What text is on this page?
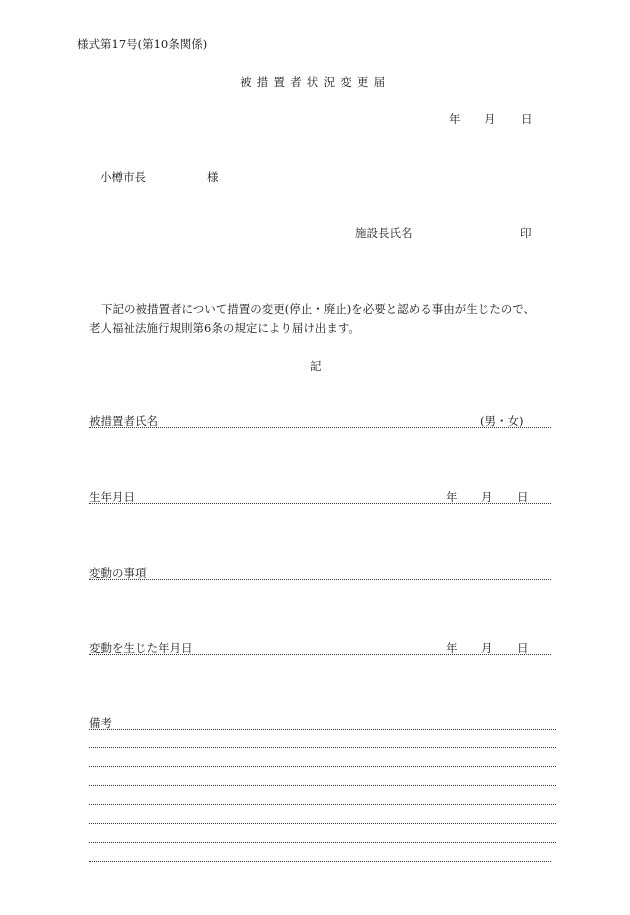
様式第17号(第10条関係)
被措置者状況変更届
年 月 日
小樽市長	様
施設長氏名	印
下記の被措置者について措置の変更(停止・廃止)を必要と認める事由が生じたので、
老人福祉法施行規則第6条の規定により届け出ます。
記
被措置者氏名	(男・女)
生年月日	年 月 日
変動の事項
変動を生じた年月日	年 月 日
備考
